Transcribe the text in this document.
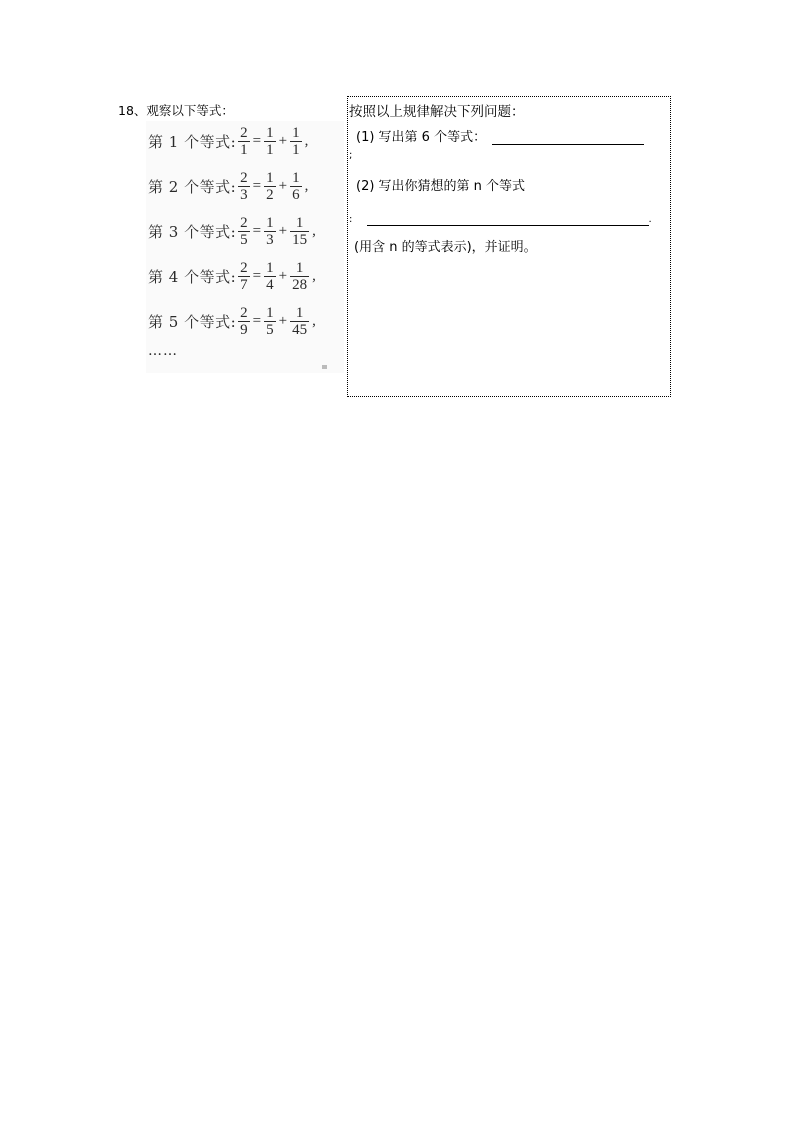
18、观察以下等式：
第 1 个等式: $\frac{2}{1} = \frac{1}{1} + \frac{1}{1}$ ,
第 2 个等式: $\frac{2}{3} = \frac{1}{2} + \frac{1}{6}$ ,
第 3 个等式: $\frac{2}{5} = \frac{1}{3} + \frac{1}{15}$ ,
第 4 个等式: $\frac{2}{7} = \frac{1}{4} + \frac{1}{28}$ ,
第 5 个等式: $\frac{2}{9} = \frac{1}{5} + \frac{1}{45}$ ,
……
按照以上规律解决下列问题：
(1) 写出第 6 个等式：
;
(2) 写出你猜想的第 n 个等式
:	.
(用含 n 的等式表示)，并证明。
